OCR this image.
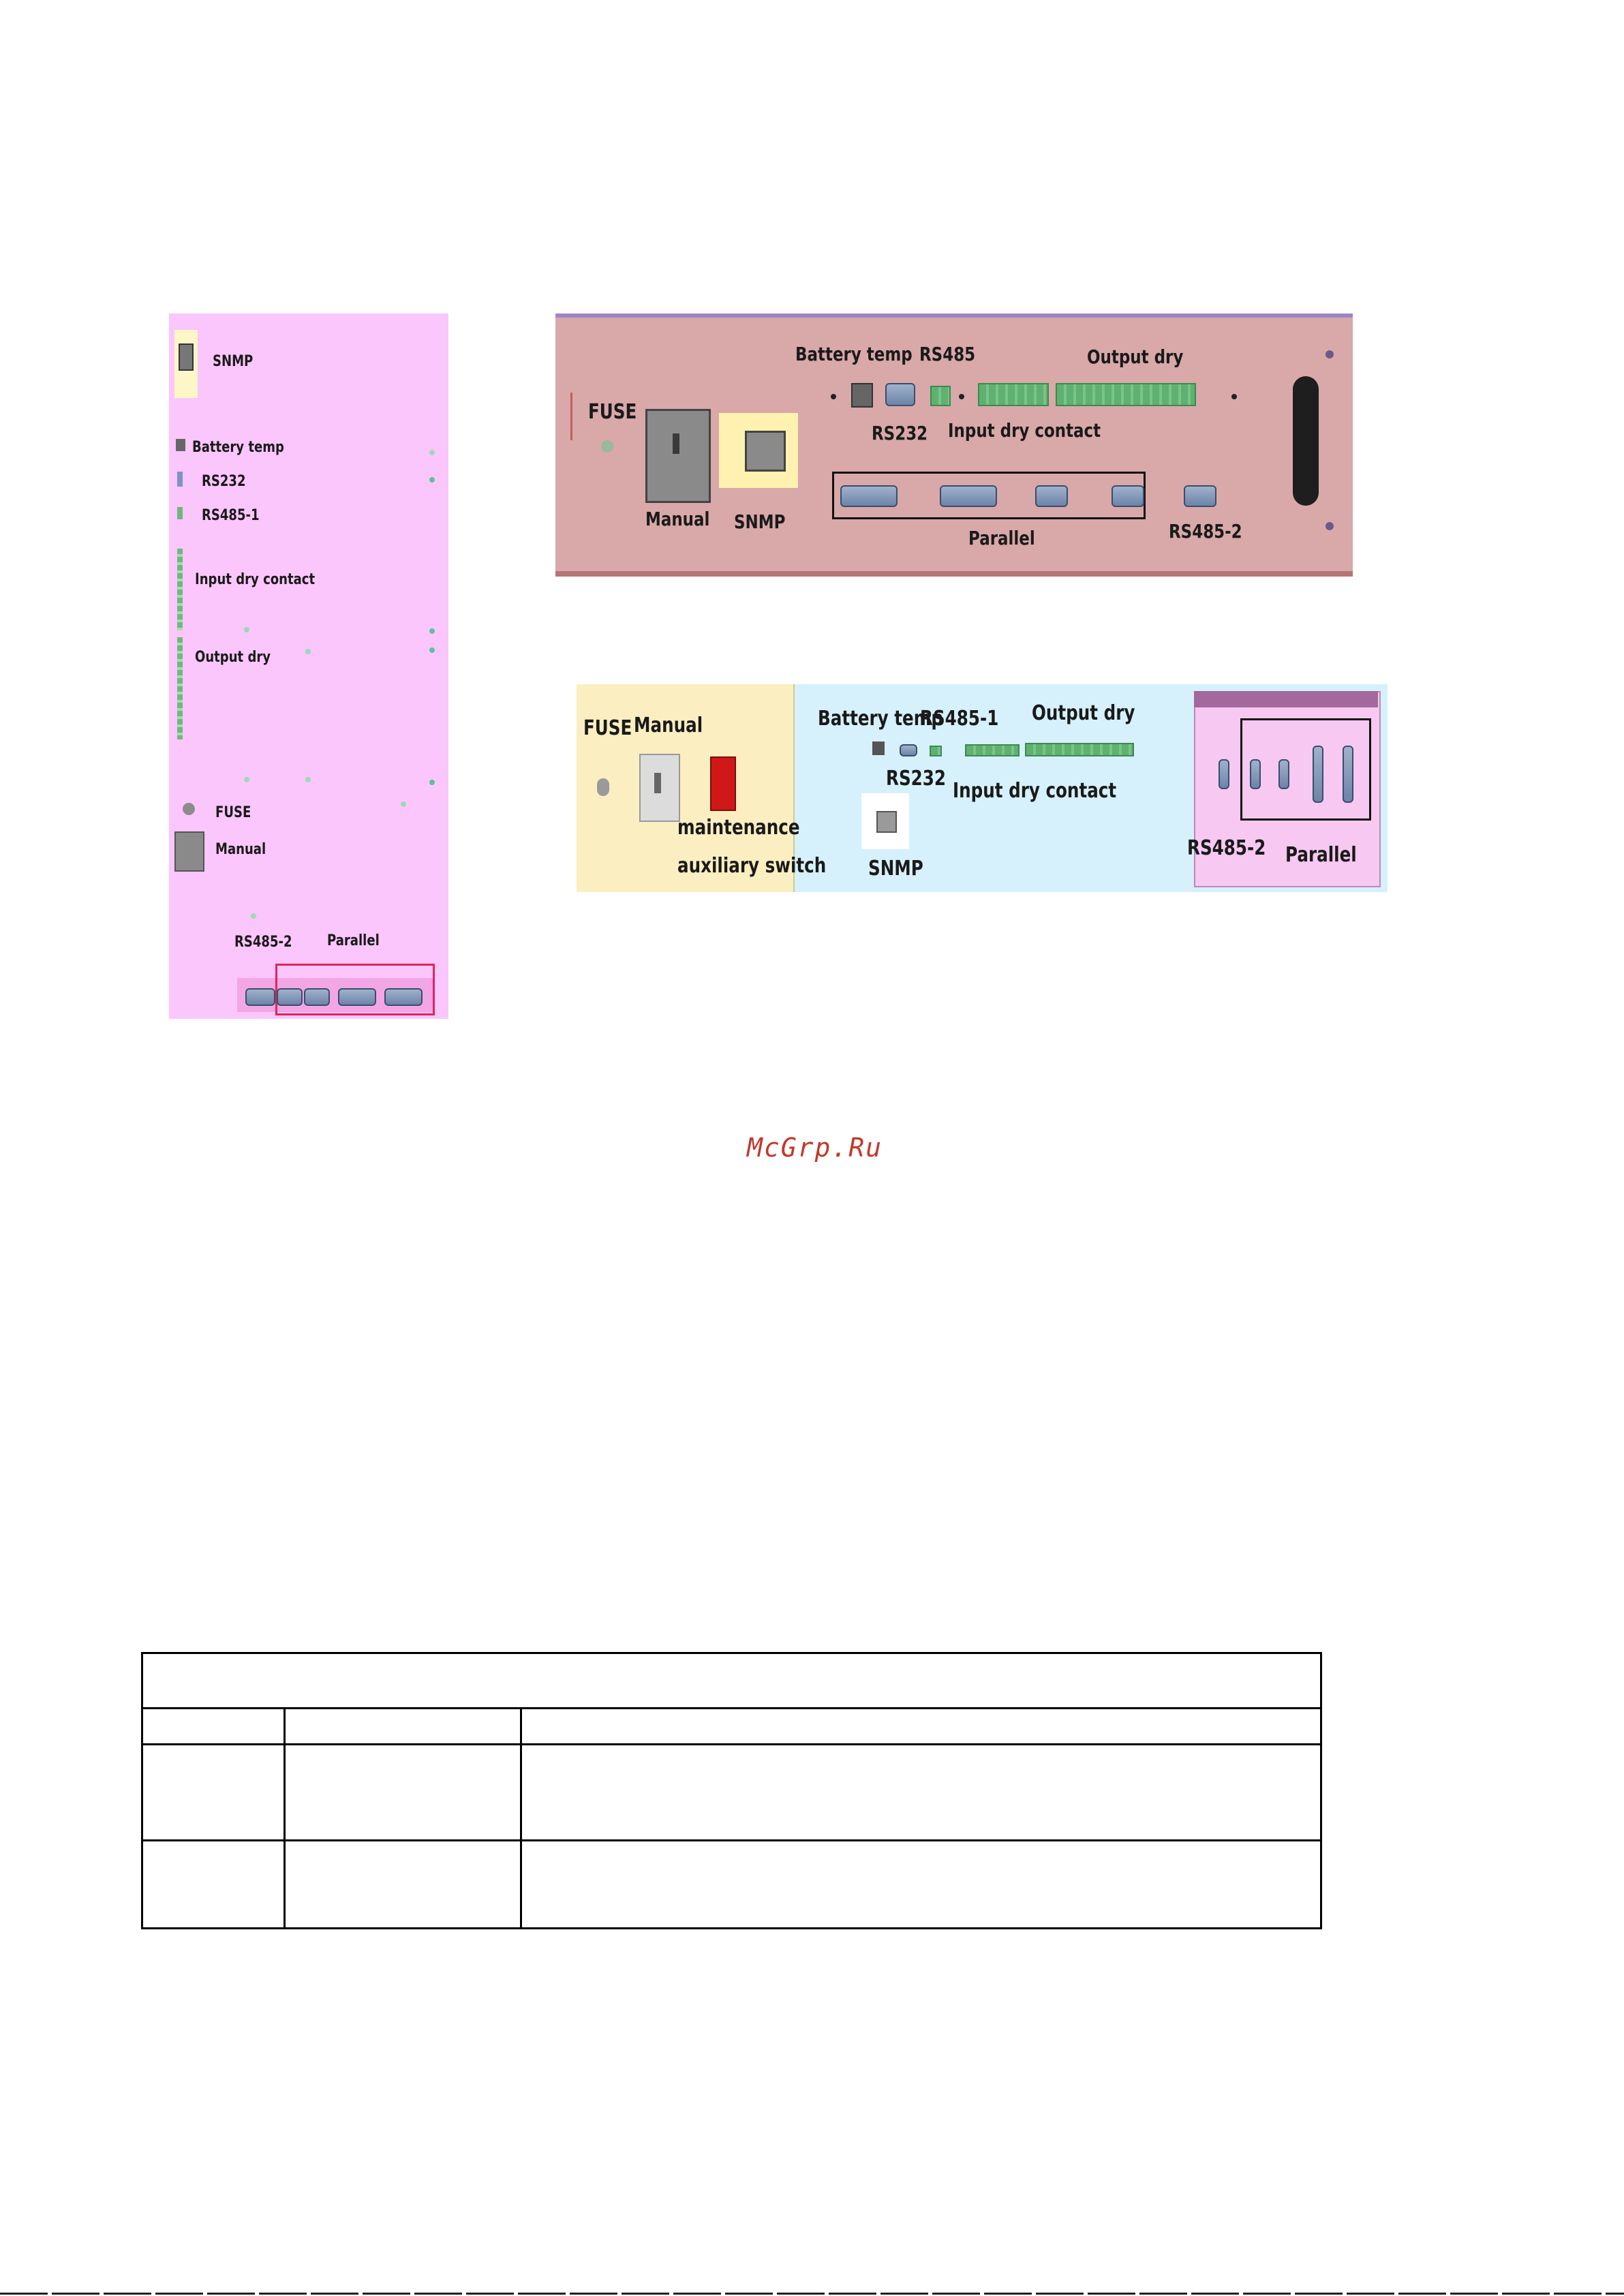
SNMP
Battery temp
RS232
RS485-1
Input dry contact
Output dry
FUSE
Manual
RS485-2 Parallel
FUSE
Manual SNMP
Battery temp RS485	Output dry
RS232 Input dry contact
Parallel	RS485-2
FUSE Manual
maintenance
auxiliary switch
Battery temp
RS485-1 Output dry
RS232
Input dry contact
SNMP
RS485-2 Parallel
McGrp.Ru
